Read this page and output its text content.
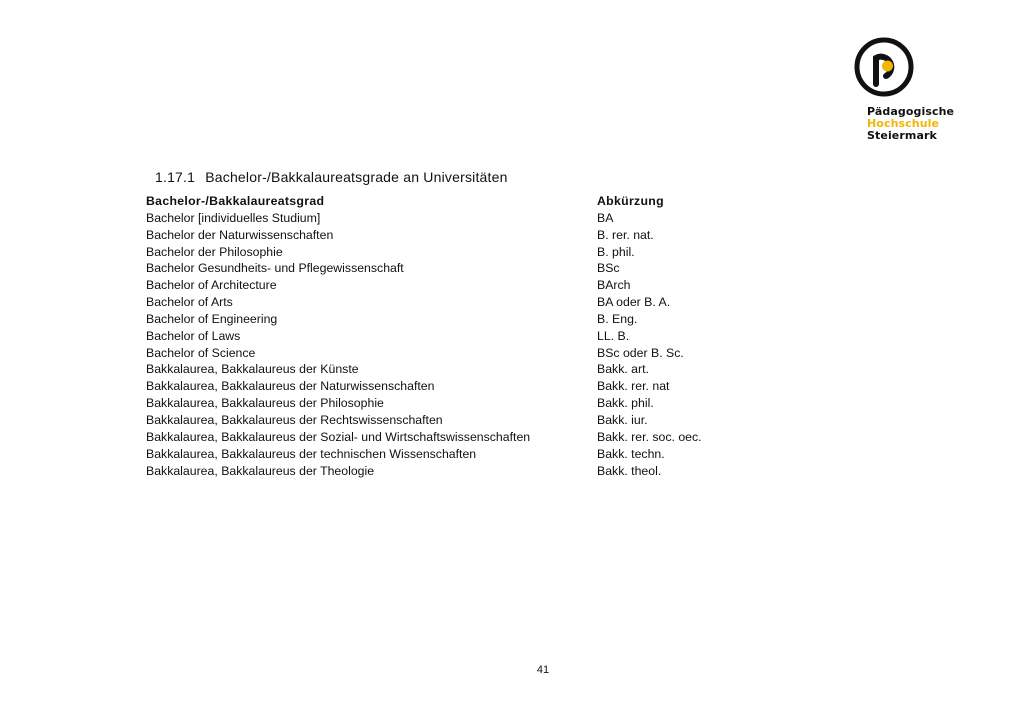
Pädagogische
Hochschule
Steiermark
1.17.1 Bachelor-/Bakkalaureatsgrade an Universitäten
Bachelor-/Bakkalaureatsgrad	Abkürzung
Bachelor [individuelles Studium]	BA
Bachelor der Naturwissenschaften	B. rer. nat.
Bachelor der Philosophie	B. phil.
Bachelor Gesundheits- und Pflegewissenschaft	BSc
Bachelor of Architecture	BArch
Bachelor of Arts	BA oder B. A.
Bachelor of Engineering	B. Eng.
Bachelor of Laws	LL. B.
Bachelor of Science	BSc oder B. Sc.
Bakkalaurea, Bakkalaureus der Künste	Bakk. art.
Bakkalaurea, Bakkalaureus der Naturwissenschaften	Bakk. rer. nat
Bakkalaurea, Bakkalaureus der Philosophie	Bakk. phil.
Bakkalaurea, Bakkalaureus der Rechtswissenschaften	Bakk. iur.
Bakkalaurea, Bakkalaureus der Sozial- und Wirtschaftswissenschaften	Bakk. rer. soc. oec.
Bakkalaurea, Bakkalaureus der technischen Wissenschaften	Bakk. techn.
Bakkalaurea, Bakkalaureus der Theologie	Bakk. theol.
41
